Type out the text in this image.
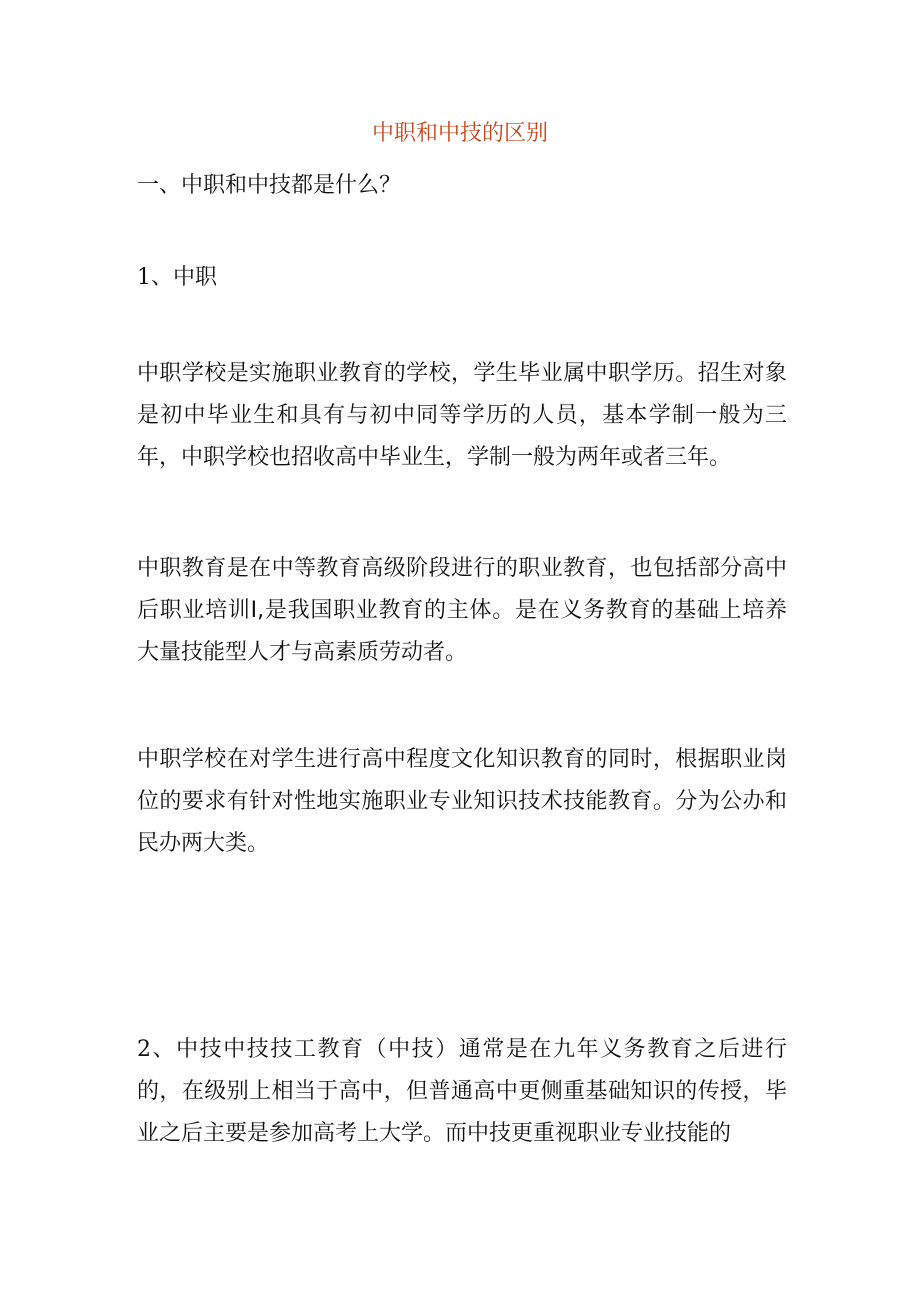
中职和中技的区别
一、中职和中技都是什么？
1、中职

中职学校是实施职业教育的学校，学生毕业属中职学历。招生对象是初中毕业生和具有与初中同等学历的人员，基本学制一般为三年，中职学校也招收高中毕业生，学制一般为两年或者三年。

中职教育是在中等教育高级阶段进行的职业教育，也包括部分高中后职业培训I,是我国职业教育的主体。是在义务教育的基础上培养大量技能型人才与高素质劳动者。

中职学校在对学生进行高中程度文化知识教育的同时，根据职业岗位的要求有针对性地实施职业专业知识技术技能教育。分为公办和民办两大类。

2、中技中技技工教育（中技）通常是在九年义务教育之后进行的，在级别上相当于高中，但普通高中更侧重基础知识的传授，毕业之后主要是参加高考上大学。而中技更重视职业专业技能的
